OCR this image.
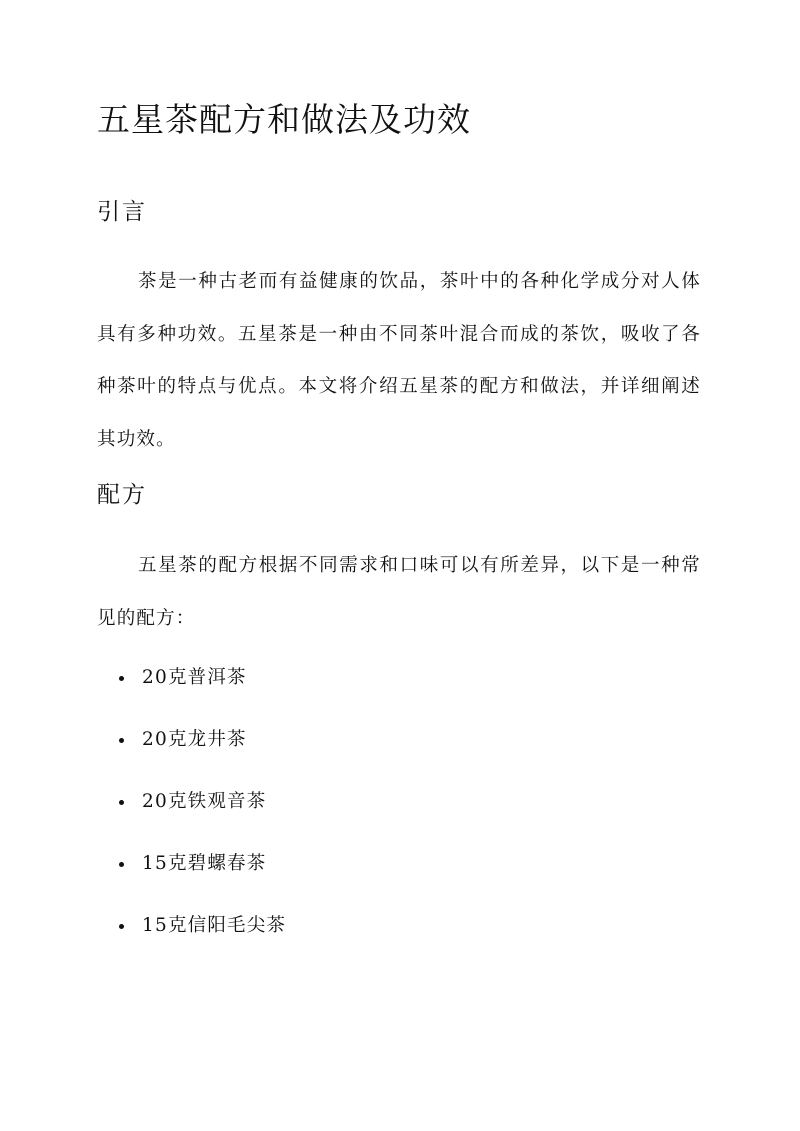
五星茶配方和做法及功效
引言

茶是一种古老而有益健康的饮品，茶叶中的各种化学成分对人体具有多种功效。五星茶是一种由不同茶叶混合而成的茶饮，吸收了各种茶叶的特点与优点。本文将介绍五星茶的配方和做法，并详细阐述其功效。

配方

五星茶的配方根据不同需求和口味可以有所差异，以下是一种常见的配方：

20克普洱茶
20克龙井茶
20克铁观音茶
15克碧螺春茶
15克信阳毛尖茶
